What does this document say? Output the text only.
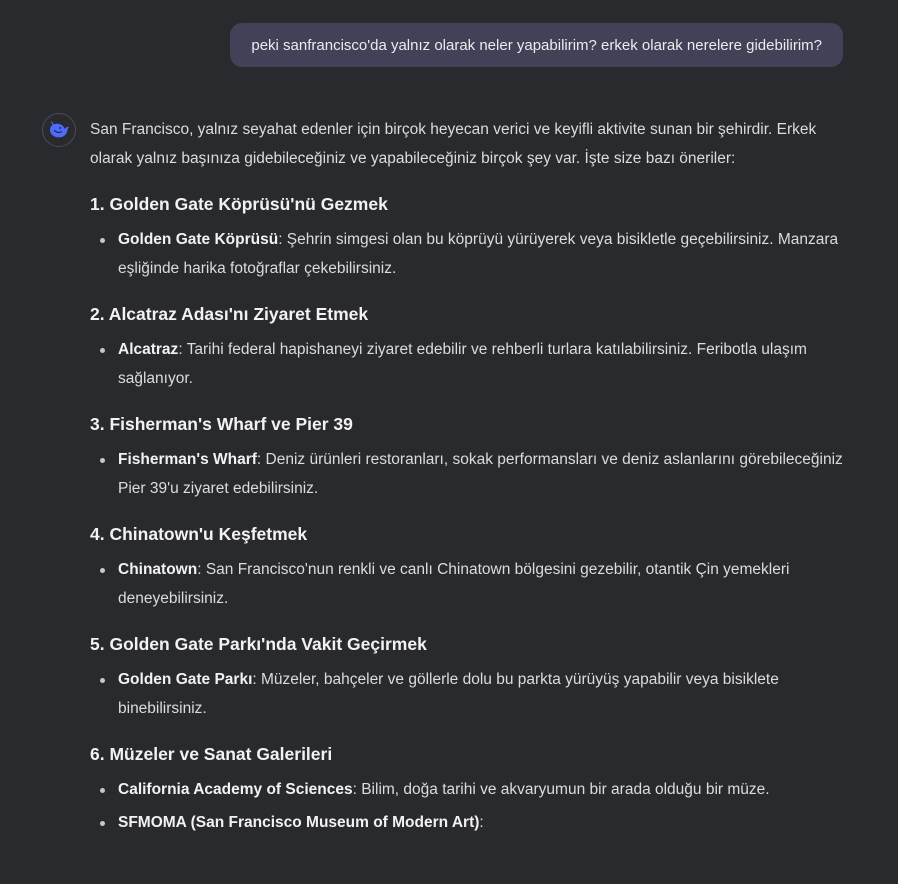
peki sanfrancisco'da yalnız olarak neler yapabilirim? erkek olarak nerelere gidebilirim?

San Francisco, yalnız seyahat edenler için birçok heyecan verici ve keyifli aktivite sunan bir şehirdir. Erkek olarak yalnız başınıza gidebileceğiniz ve yapabileceğiniz birçok şey var. İşte size bazı öneriler:

1. Golden Gate Köprüsü'nü Gezmek
Golden Gate Köprüsü: Şehrin simgesi olan bu köprüyü yürüyerek veya bisikletle geçebilirsiniz. Manzara eşliğinde harika fotoğraflar çekebilirsiniz.
2. Alcatraz Adası'nı Ziyaret Etmek
Alcatraz: Tarihi federal hapishaneyi ziyaret edebilir ve rehberli turlara katılabilirsiniz. Feribotla ulaşım sağlanıyor.
3. Fisherman's Wharf ve Pier 39
Fisherman's Wharf: Deniz ürünleri restoranları, sokak performansları ve deniz aslanlarını görebileceğiniz Pier 39'u ziyaret edebilirsiniz.
4. Chinatown'u Keşfetmek
Chinatown: San Francisco'nun renkli ve canlı Chinatown bölgesini gezebilir, otantik Çin yemekleri deneyebilirsiniz.
5. Golden Gate Parkı'nda Vakit Geçirmek
Golden Gate Parkı: Müzeler, bahçeler ve göllerle dolu bu parkta yürüyüş yapabilir veya bisiklete binebilirsiniz.
6. Müzeler ve Sanat Galerileri
California Academy of Sciences: Bilim, doğa tarihi ve akvaryumun bir arada olduğu bir müze.
SFMOMA (San Francisco Museum of Modern Art):
